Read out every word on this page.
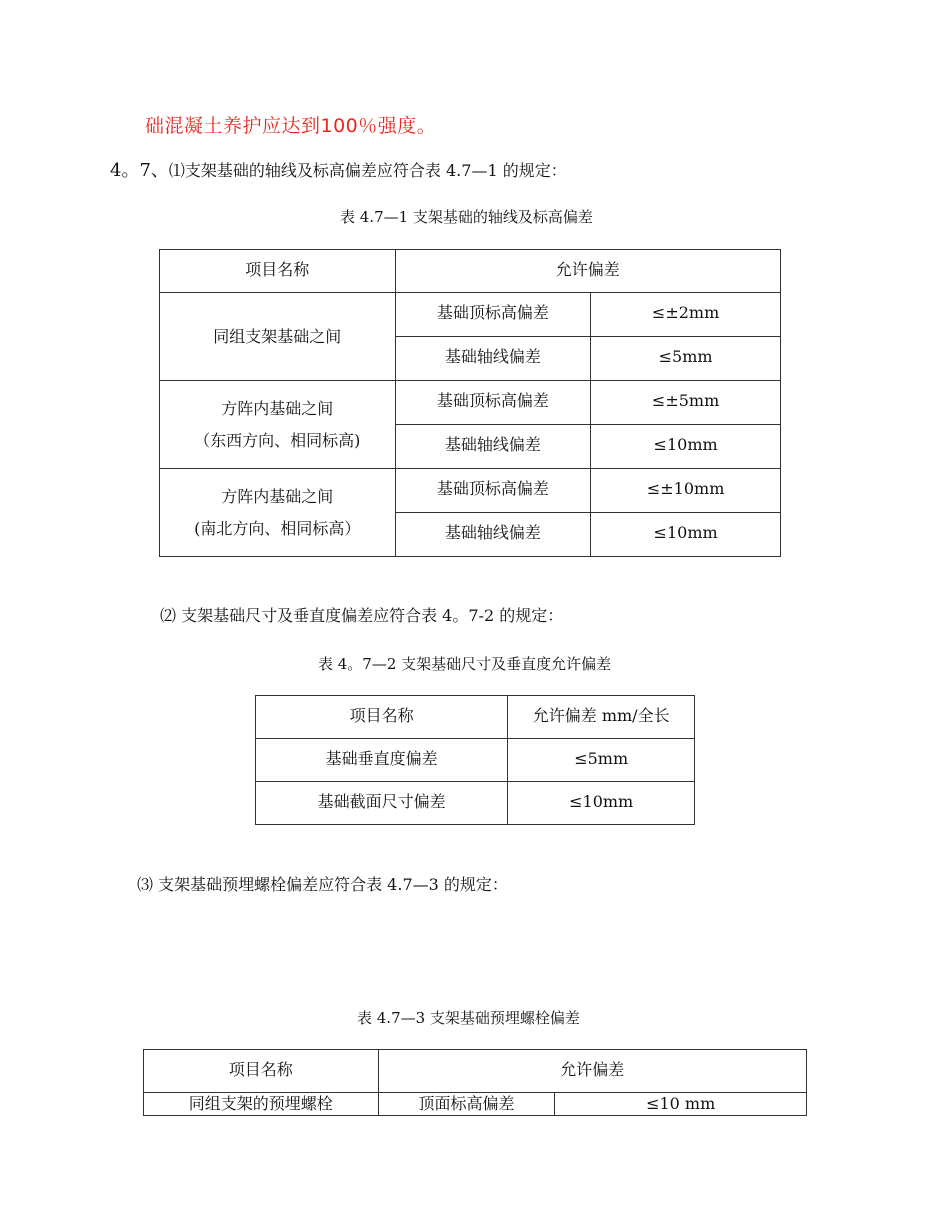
础混凝土养护应达到100％强度。
4。7、⑴支架基础的轴线及标高偏差应符合表 4.7—1 的规定：
表 4.7—1 支架基础的轴线及标高偏差
项目名称	允许偏差	

同组支架基础之间	基础顶标高偏差	≤±2mm
	基础轴线偏差	≤5mm

方阵内基础之间
（东西方向、相同标高)	基础顶标高偏差	≤±5mm
	基础轴线偏差	≤10mm

方阵内基础之间
(南北方向、相同标高）	基础顶标高偏差	≤±10mm
	基础轴线偏差	≤10mm
⑵ 支架基础尺寸及垂直度偏差应符合表 4。7-2 的规定：
表 4。7—2 支架基础尺寸及垂直度允许偏差
项目名称	允许偏差 mm/全长
基础垂直度偏差	≤5mm
基础截面尺寸偏差	≤10mm
⑶ 支架基础预埋螺栓偏差应符合表 4.7—3 的规定：
表 4.7—3 支架基础预埋螺栓偏差
项目名称	允许偏差	
同组支架的预埋螺栓	顶面标高偏差	≤10 mm
